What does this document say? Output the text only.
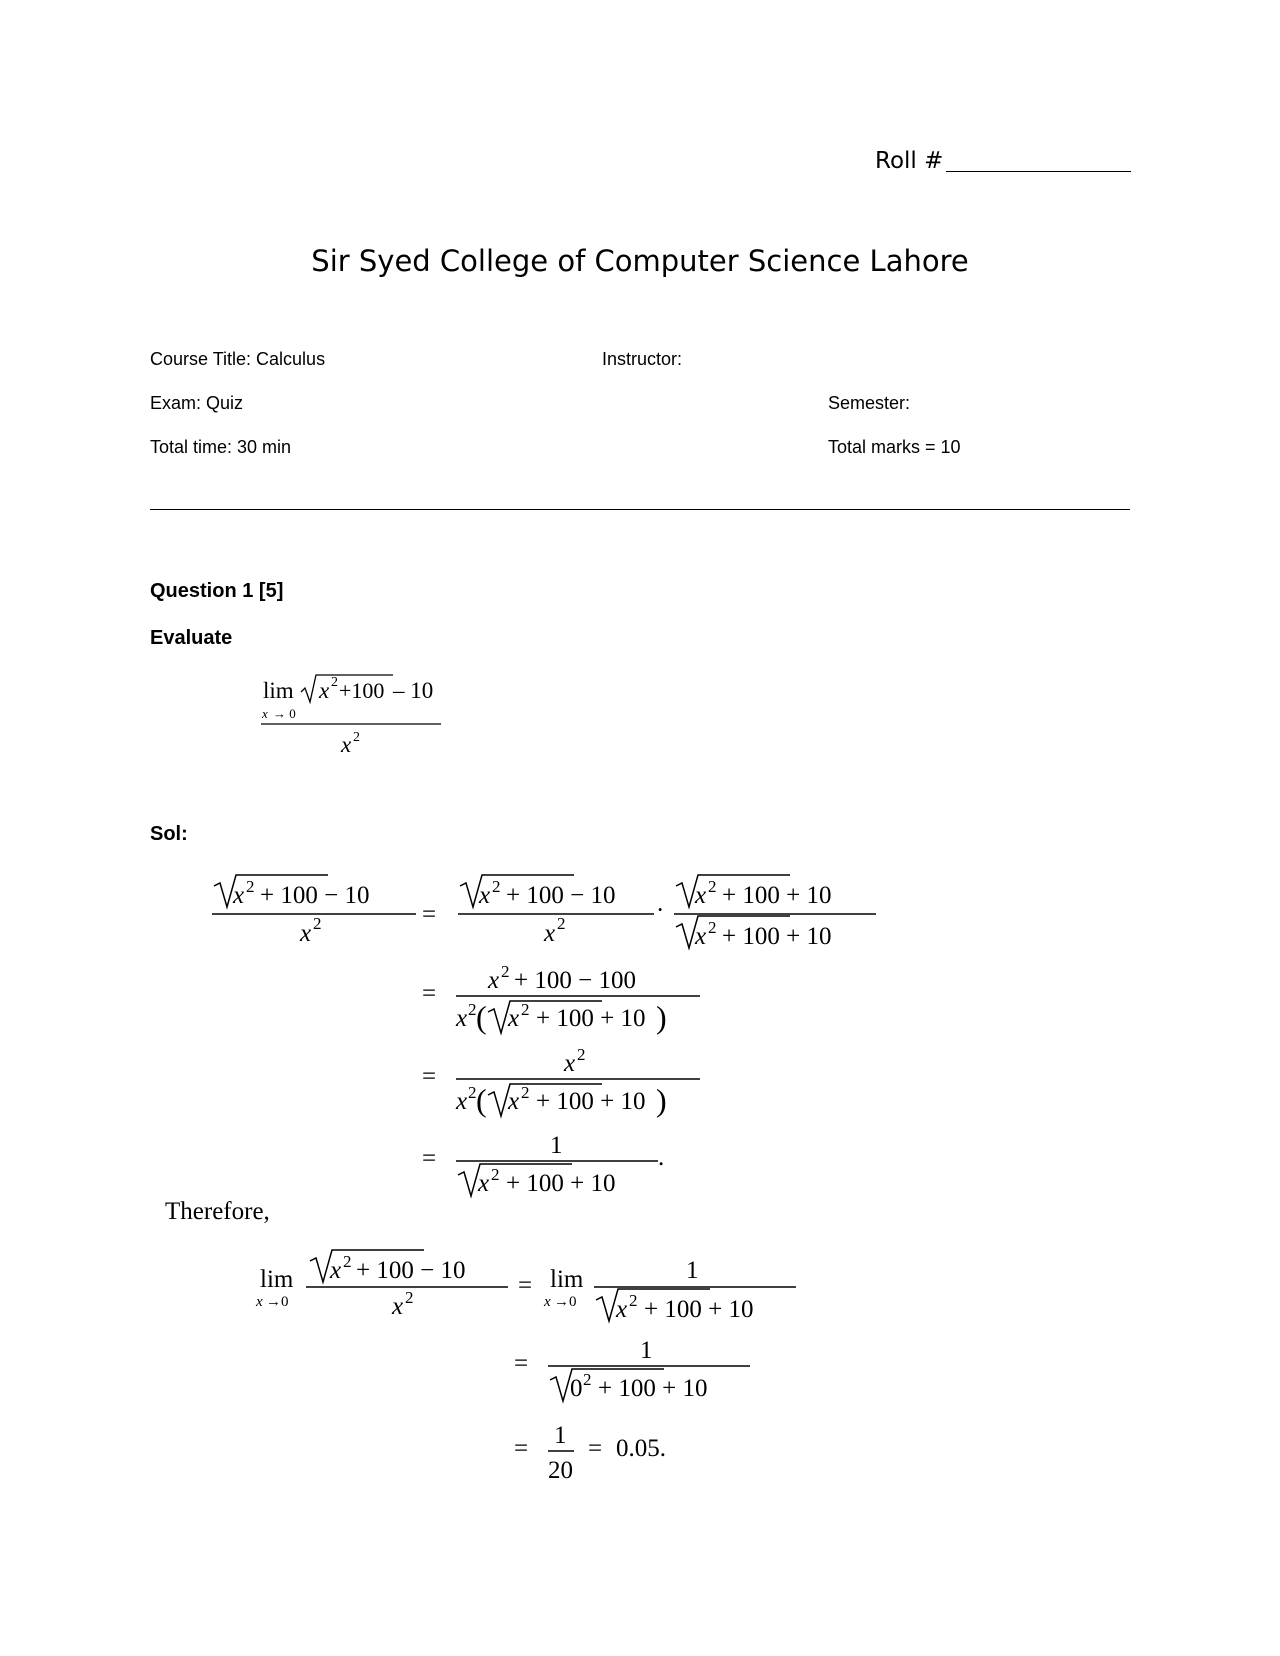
Roll #
Sir Syed College of Computer Science Lahore
Course Title: Calculus	Instructor:
Exam: Quiz	Semester:
Total time: 30 min	Total marks = 10
Question 1 [5]
Evaluate
lim
x → 0
x 2 +100 – 10
x 2
Sol:
x 2 + 100 − 10
x 2	=
x 2 + 100 − 10
x 2	·
x 2 + 100 + 10
x 2 + 100 + 10
= x 2 + 100 − 100
x 2 ( x 2 + 100 + 10 )
=	x 2
x 2 ( x 2 + 100 + 10 )
=	1
x 2 + 100 + 10
.
Therefore,
lim
x →0
x 2 + 100 − 10
x 2	= lim
x →0
1
x 2 + 100 + 10
=	1
0 2 + 100 + 10
= 1
20
= 0.05.
